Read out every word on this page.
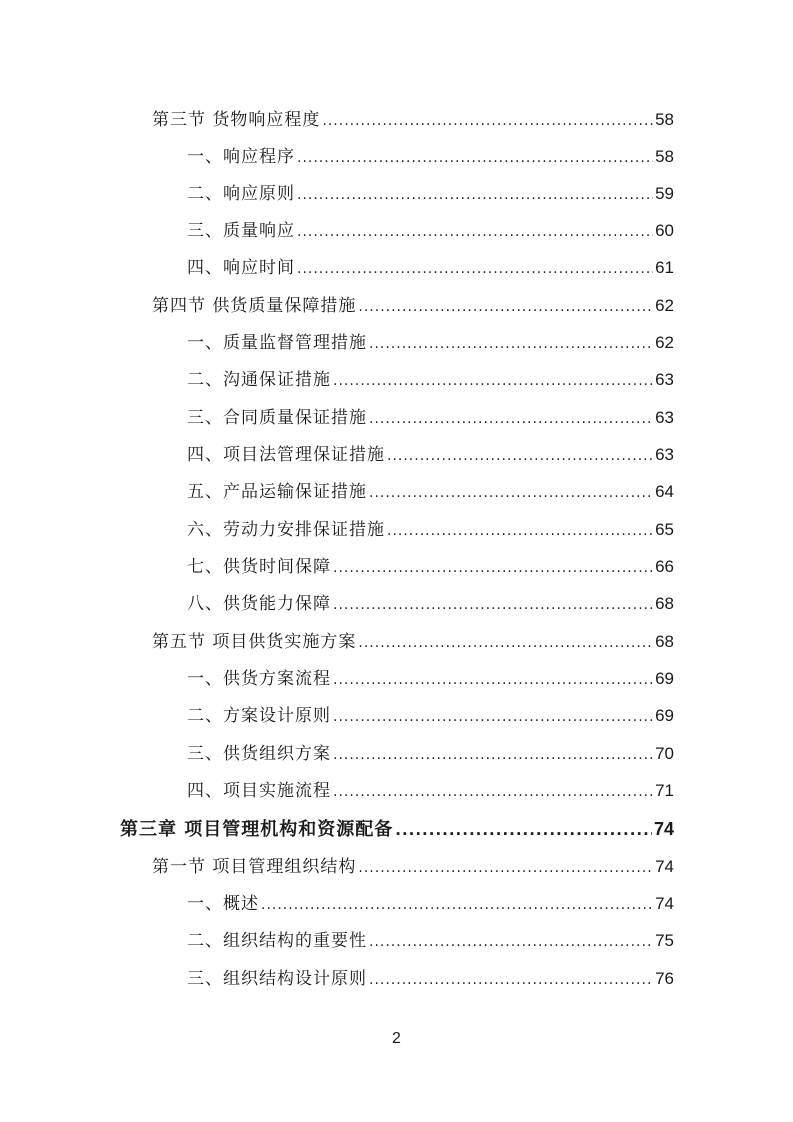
第三节 货物响应程度 .....	58
一、响应程序 .....	58
二、响应原则 .....	59
三、质量响应 .....	60
四、响应时间 .....	61
第四节 供货质量保障措施 .....	62
一、质量监督管理措施 .....	62
二、沟通保证措施 .....	63
三、合同质量保证措施 .....	63
四、项目法管理保证措施 .....	63
五、产品运输保证措施 .....	64
六、劳动力安排保证措施 .....	65
七、供货时间保障 .....	66
八、供货能力保障 .....	68
第五节 项目供货实施方案 .....	68
一、供货方案流程 .....	69
二、方案设计原则 .....	69
三、供货组织方案 .....	70
四、项目实施流程 .....	71
第三章 项目管理机构和资源配备 .....	74
第一节 项目管理组织结构 .....	74
一、概述 .....	74
二、组织结构的重要性 .....	75
三、组织结构设计原则 .....	76
2
